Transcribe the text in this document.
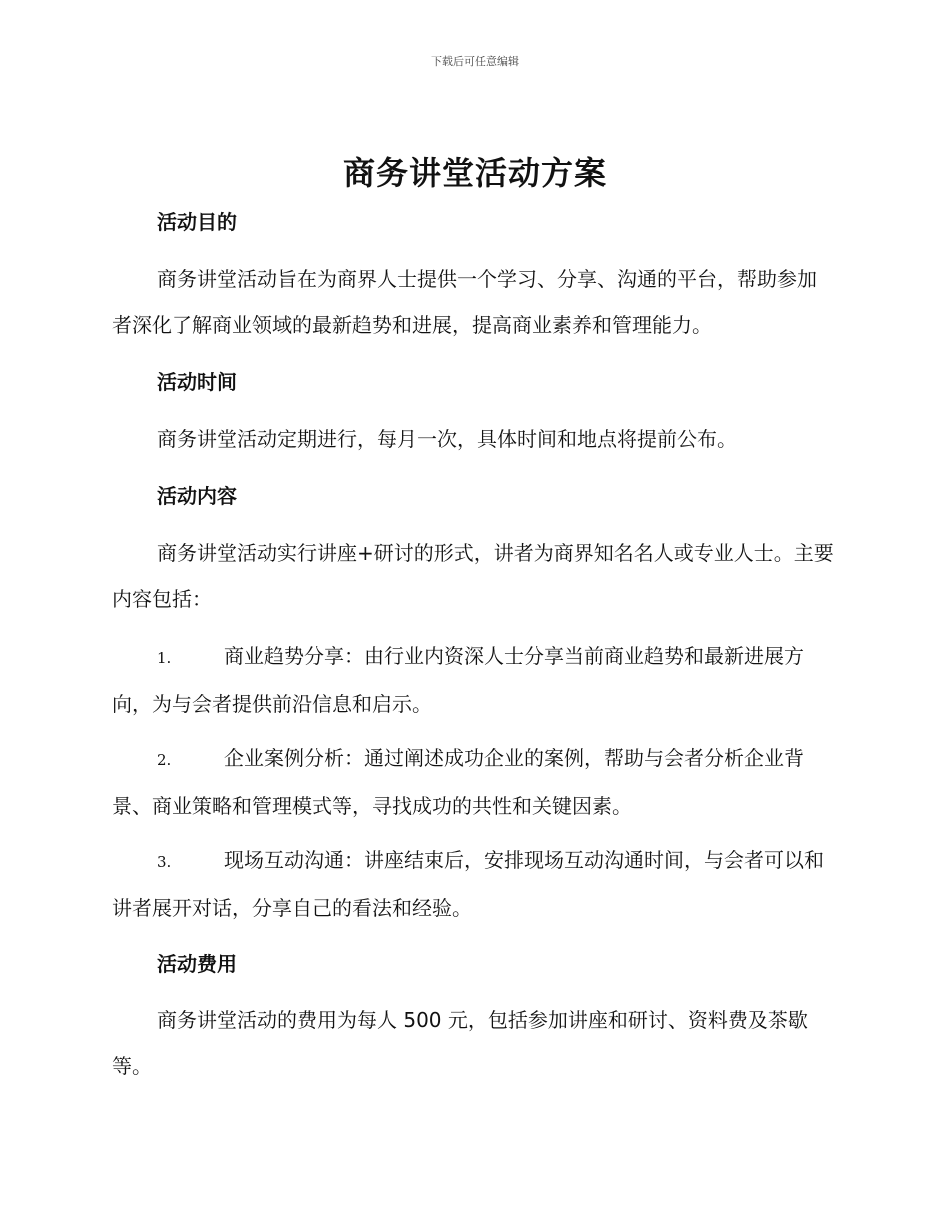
下载后可任意编辑
商务讲堂活动方案
活动目的

商务讲堂活动旨在为商界人士提供一个学习、分享、沟通的平台，帮助参加者深化了解商业领域的最新趋势和进展，提高商业素养和管理能力。

活动时间

商务讲堂活动定期进行，每月一次，具体时间和地点将提前公布。

活动内容

商务讲堂活动实行讲座+研讨的形式，讲者为商界知名名人或专业人士。主要内容包括：

1.	商业趋势分享：由行业内资深人士分享当前商业趋势和最新进展方向，为与会者提供前沿信息和启示。

2.	企业案例分析：通过阐述成功企业的案例，帮助与会者分析企业背景、商业策略和管理模式等，寻找成功的共性和关键因素。

3.	现场互动沟通：讲座结束后，安排现场互动沟通时间，与会者可以和讲者展开对话，分享自己的看法和经验。

活动费用

商务讲堂活动的费用为每人 500 元，包括参加讲座和研讨、资料费及茶歇等。
